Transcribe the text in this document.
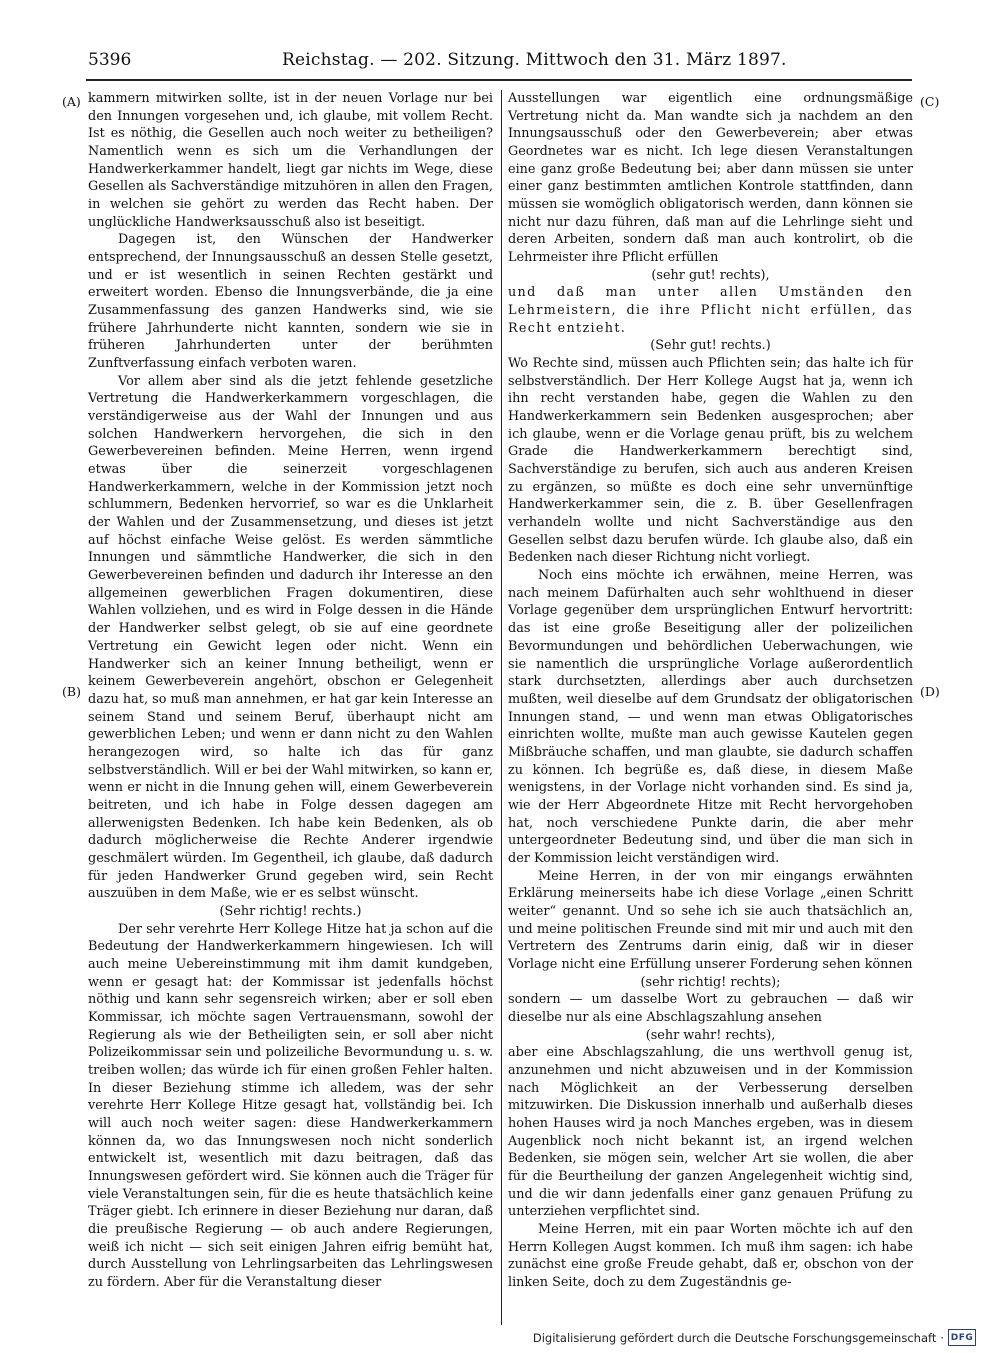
5396	Reichstag. — 202. Sitzung. Mittwoch den 31. März 1897.
(A)
(B)
(C)
(D)

kammern mitwirken sollte, ist in der neuen Vorlage nur bei den Innungen vorgesehen und, ich glaube, mit vollem Recht. Ist es nöthig, die Gesellen auch noch weiter zu betheiligen? Namentlich wenn es sich um die Verhandlungen der Handwerkerkammer handelt, liegt gar nichts im Wege, diese Gesellen als Sachverständige mitzuhören in allen den Fragen, in welchen sie gehört zu werden das Recht haben. Der unglückliche Handwerksausschuß also ist beseitigt.

Dagegen ist, den Wünschen der Handwerker entsprechend, der Innungsausschuß an dessen Stelle gesetzt, und er ist wesentlich in seinen Rechten gestärkt und erweitert worden. Ebenso die Innungsverbände, die ja eine Zusammenfassung des ganzen Handwerks sind, wie sie frühere Jahrhunderte nicht kannten, sondern wie sie in früheren Jahrhunderten unter der berühmten Zunftverfassung einfach verboten waren.

Vor allem aber sind als die jetzt fehlende gesetzliche Vertretung die Handwerkerkammern vorgeschlagen, die verständigerweise aus der Wahl der Innungen und aus solchen Handwerkern hervorgehen, die sich in den Gewerbevereinen befinden. Meine Herren, wenn irgend etwas über die seinerzeit vorgeschlagenen Handwerkerkammern, welche in der Kommission jetzt noch schlummern, Bedenken hervorrief, so war es die Unklarheit der Wahlen und der Zusammensetzung, und dieses ist jetzt auf höchst einfache Weise gelöst. Es werden sämmtliche Innungen und sämmtliche Handwerker, die sich in den Gewerbevereinen befinden und dadurch ihr Interesse an den allgemeinen gewerblichen Fragen dokumentiren, diese Wahlen vollziehen, und es wird in Folge dessen in die Hände der Handwerker selbst gelegt, ob sie auf eine geordnete Vertretung ein Gewicht legen oder nicht. Wenn ein Handwerker sich an keiner Innung betheiligt, wenn er keinem Gewerbeverein angehört, obschon er Gelegenheit dazu hat, so muß man annehmen, er hat gar kein Interesse an seinem Stand und seinem Beruf, überhaupt nicht am gewerblichen Leben; und wenn er dann nicht zu den Wahlen herangezogen wird, so halte ich das für ganz selbstverständlich. Will er bei der Wahl mitwirken, so kann er, wenn er nicht in die Innung gehen will, einem Gewerbeverein beitreten, und ich habe in Folge dessen dagegen am allerwenigsten Bedenken. Ich habe kein Bedenken, als ob dadurch möglicherweise die Rechte Anderer irgendwie geschmälert würden. Im Gegentheil, ich glaube, daß dadurch für jeden Handwerker Grund gegeben wird, sein Recht auszuüben in dem Maße, wie er es selbst wünscht.

(Sehr richtig! rechts.)

Der sehr verehrte Herr Kollege Hitze hat ja schon auf die Bedeutung der Handwerkerkammern hingewiesen. Ich will auch meine Uebereinstimmung mit ihm damit kundgeben, wenn er gesagt hat: der Kommissar ist jedenfalls höchst nöthig und kann sehr segensreich wirken; aber er soll eben Kommissar, ich möchte sagen Vertrauensmann, sowohl der Regierung als wie der Betheiligten sein, er soll aber nicht Polizeikommissar sein und polizeiliche Bevormundung u. s. w. treiben wollen; das würde ich für einen großen Fehler halten. In dieser Beziehung stimme ich alledem, was der sehr verehrte Herr Kollege Hitze gesagt hat, vollständig bei. Ich will auch noch weiter sagen: diese Handwerkerkammern können da, wo das Innungswesen noch nicht sonderlich entwickelt ist, wesentlich mit dazu beitragen, daß das Innungswesen gefördert wird. Sie können auch die Träger für viele Veranstaltungen sein, für die es heute thatsächlich keine Träger giebt. Ich erinnere in dieser Beziehung nur daran, daß die preußische Regierung — ob auch andere Regierungen, weiß ich nicht — sich seit einigen Jahren eifrig bemüht hat, durch Ausstellung von Lehrlingsarbeiten das Lehrlingswesen zu fördern. Aber für die Veranstaltung dieser

Ausstellungen war eigentlich eine ordnungsmäßige Vertretung nicht da. Man wandte sich ja nachdem an den Innungsausschuß oder den Gewerbeverein; aber etwas Geordnetes war es nicht. Ich lege diesen Veranstaltungen eine ganz große Bedeutung bei; aber dann müssen sie unter einer ganz bestimmten amtlichen Kontrole stattfinden, dann müssen sie womöglich obligatorisch werden, dann können sie nicht nur dazu führen, daß man auf die Lehrlinge sieht und deren Arbeiten, sondern daß man auch kontrolirt, ob die Lehrmeister ihre Pflicht erfüllen

(sehr gut! rechts),

und daß man unter allen Umständen den Lehrmeistern, die ihre Pflicht nicht erfüllen, das Recht entzieht.

(Sehr gut! rechts.)

Wo Rechte sind, müssen auch Pflichten sein; das halte ich für selbstverständlich. Der Herr Kollege Augst hat ja, wenn ich ihn recht verstanden habe, gegen die Wahlen zu den Handwerkerkammern sein Bedenken ausgesprochen; aber ich glaube, wenn er die Vorlage genau prüft, bis zu welchem Grade die Handwerkerkammern berechtigt sind, Sachverständige zu berufen, sich auch aus anderen Kreisen zu ergänzen, so müßte es doch eine sehr unvernünftige Handwerkerkammer sein, die z. B. über Gesellenfragen verhandeln wollte und nicht Sachverständige aus den Gesellen selbst dazu berufen würde. Ich glaube also, daß ein Bedenken nach dieser Richtung nicht vorliegt.

Noch eins möchte ich erwähnen, meine Herren, was nach meinem Dafürhalten auch sehr wohlthuend in dieser Vorlage gegenüber dem ursprünglichen Entwurf hervortritt: das ist eine große Beseitigung aller der polizeilichen Bevormundungen und behördlichen Ueberwachungen, wie sie namentlich die ursprüngliche Vorlage außerordentlich stark durchsetzten, allerdings aber auch durchsetzen mußten, weil dieselbe auf dem Grundsatz der obligatorischen Innungen stand, — und wenn man etwas Obligatorisches einrichten wollte, mußte man auch gewisse Kautelen gegen Mißbräuche schaffen, und man glaubte, sie dadurch schaffen zu können. Ich begrüße es, daß diese, in diesem Maße wenigstens, in der Vorlage nicht vorhanden sind. Es sind ja, wie der Herr Abgeordnete Hitze mit Recht hervorgehoben hat, noch verschiedene Punkte darin, die aber mehr untergeordneter Bedeutung sind, und über die man sich in der Kommission leicht verständigen wird.

Meine Herren, in der von mir eingangs erwähnten Erklärung meinerseits habe ich diese Vorlage „einen Schritt weiter“ genannt. Und so sehe ich sie auch thatsächlich an, und meine politischen Freunde sind mit mir und auch mit den Vertretern des Zentrums darin einig, daß wir in dieser Vorlage nicht eine Erfüllung unserer Forderung sehen können

(sehr richtig! rechts);

sondern — um dasselbe Wort zu gebrauchen — daß wir dieselbe nur als eine Abschlagszahlung ansehen

(sehr wahr! rechts),

aber eine Abschlagszahlung, die uns werthvoll genug ist, anzunehmen und nicht abzuweisen und in der Kommission nach Möglichkeit an der Verbesserung derselben mitzuwirken. Die Diskussion innerhalb und außerhalb dieses hohen Hauses wird ja noch Manches ergeben, was in diesem Augenblick noch nicht bekannt ist, an irgend welchen Bedenken, sie mögen sein, welcher Art sie wollen, die aber für die Beurtheilung der ganzen Angelegenheit wichtig sind, und die wir dann jedenfalls einer ganz genauen Prüfung zu unterziehen verpflichtet sind.

Meine Herren, mit ein paar Worten möchte ich auf den Herrn Kollegen Augst kommen. Ich muß ihm sagen: ich habe zunächst eine große Freude gehabt, daß er, obschon von der linken Seite, doch zu dem Zugeständnis ge-

Digitalisierung gefördert durch die Deutsche Forschungsgemeinschaft · DFG
